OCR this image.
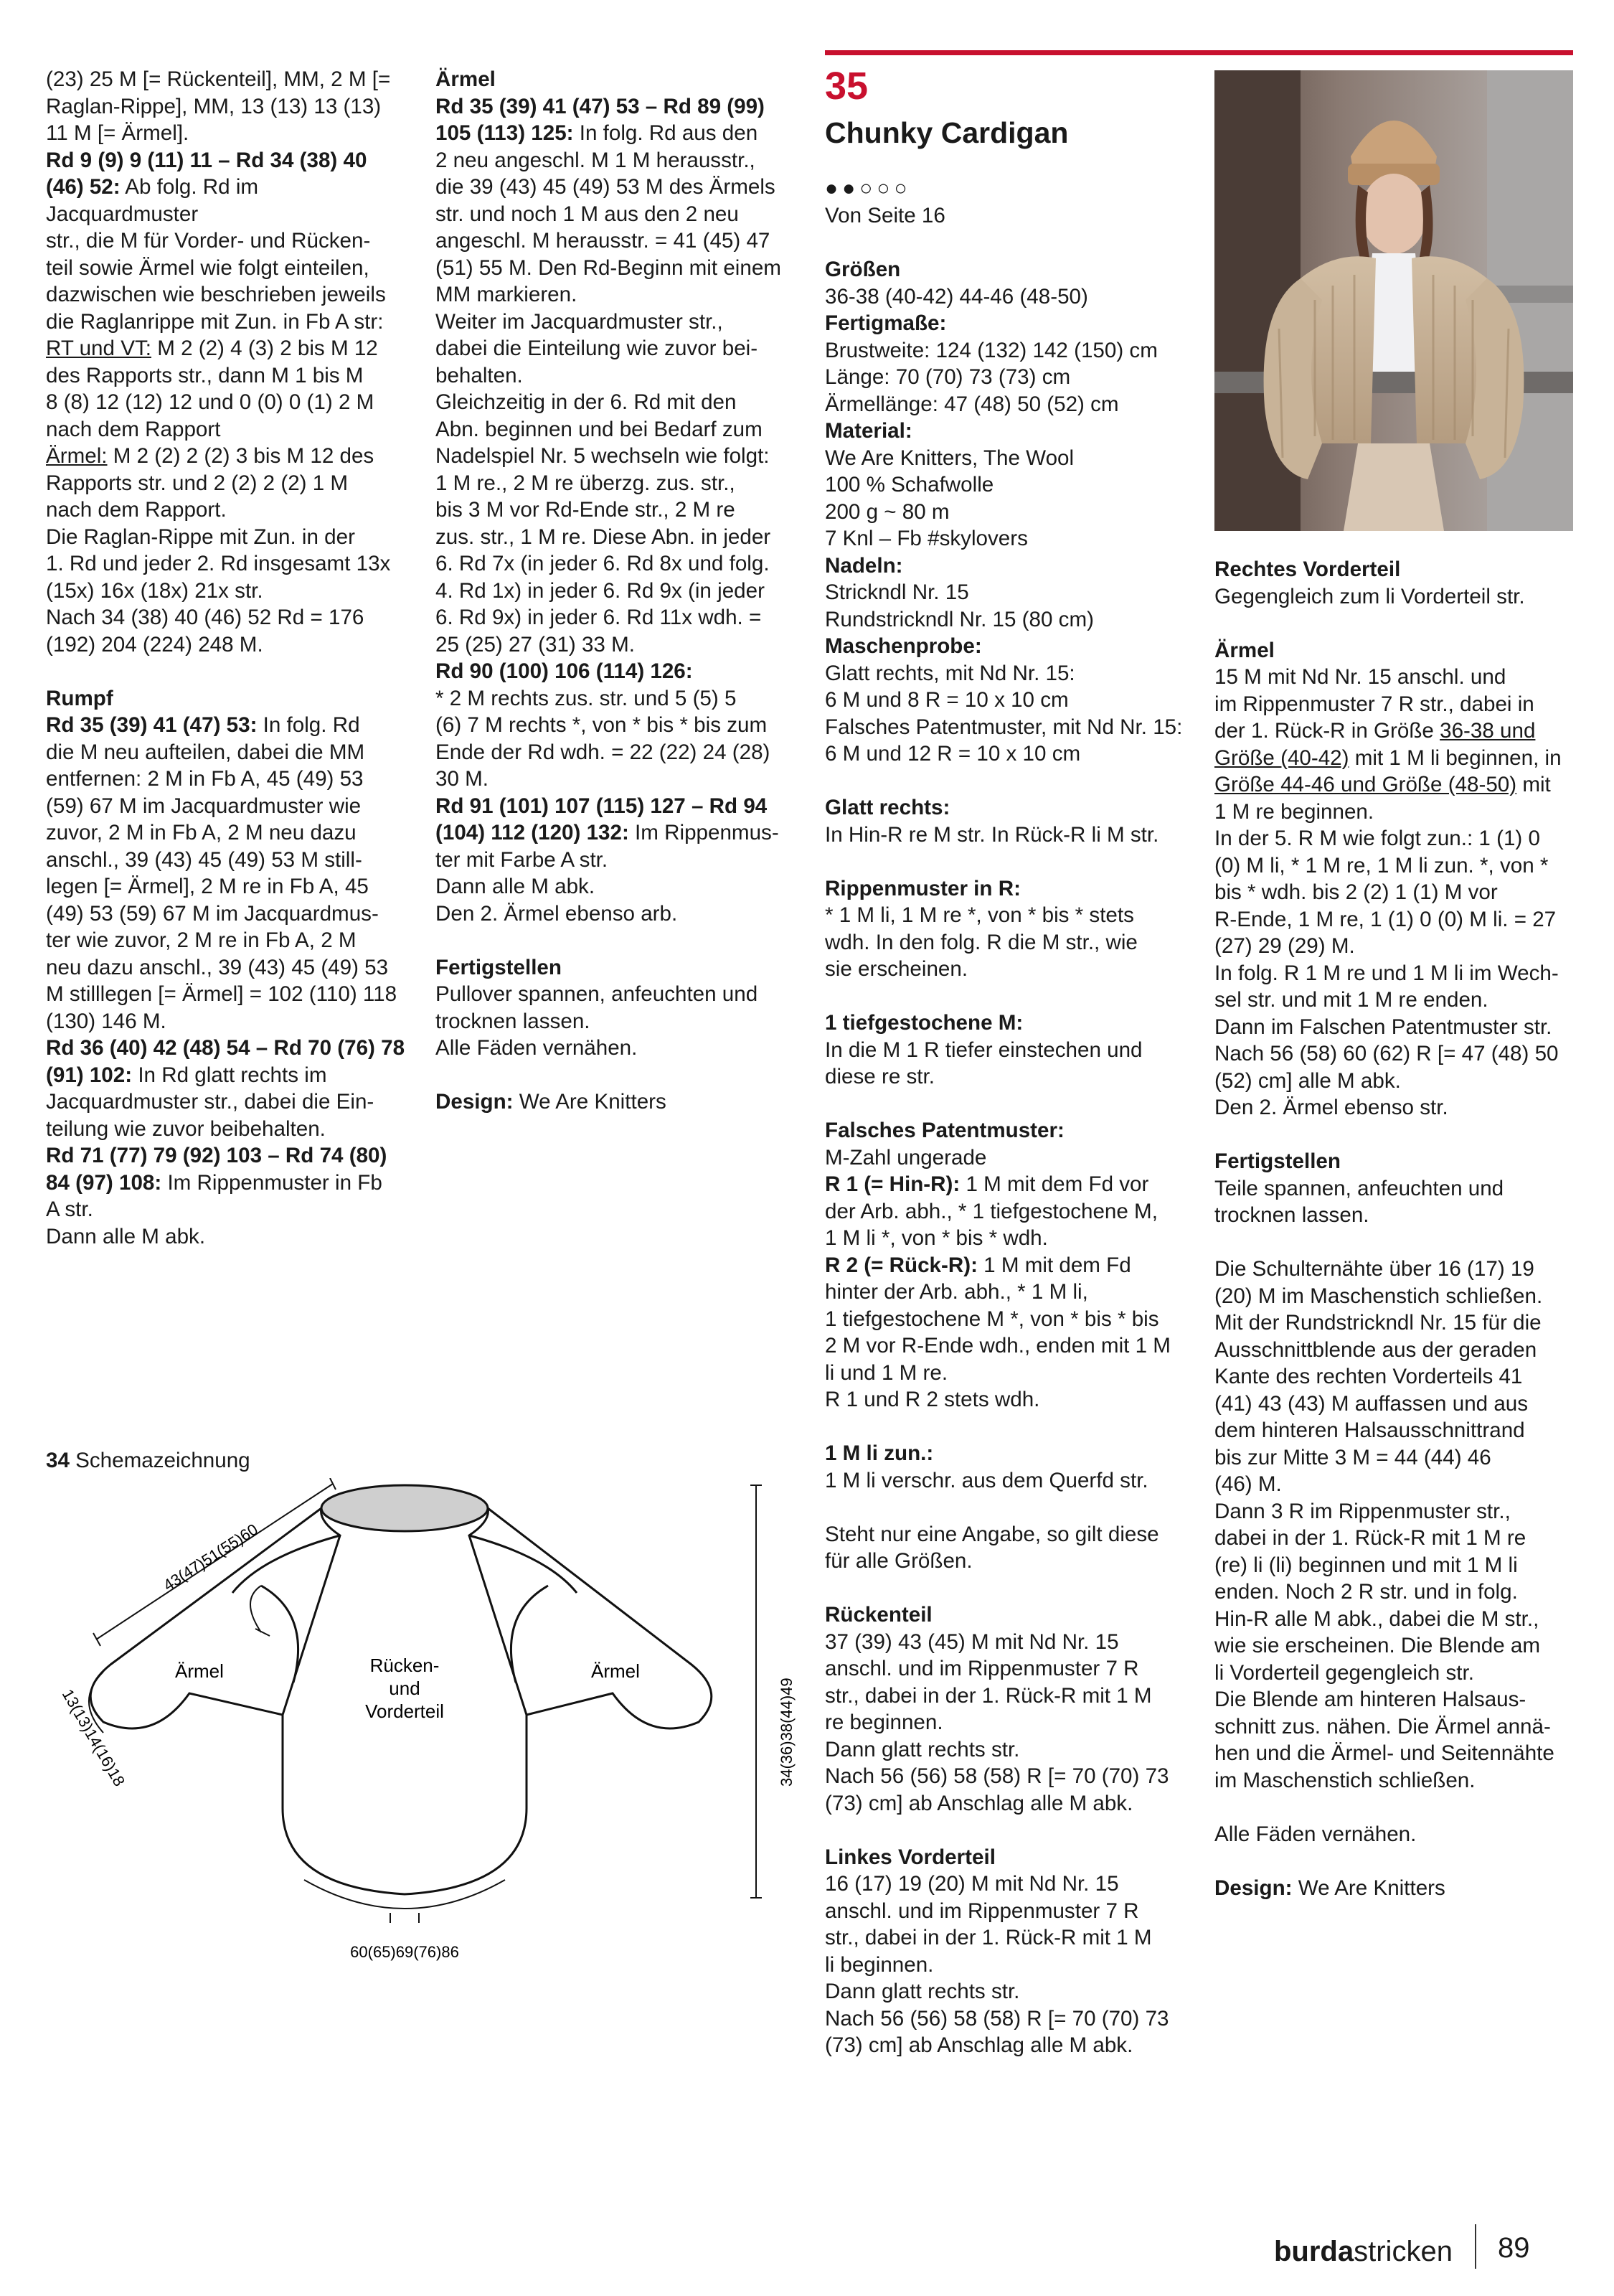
(23) 25 M [= Rückenteil], MM, 2 M [=
Raglan-Rippe], MM, 13 (13) 13 (13)
11 M [= Ärmel].

Rd 9 (9) 9 (11) 11 – Rd 34 (38) 40 (46) 52: Ab folg. Rd im Jacquardmuster
str., die M für Vorder- und Rücken-
teil sowie Ärmel wie folgt einteilen,
dazwischen wie beschrieben jeweils
die Raglanrippe mit Zun. in Fb A str:

RT und VT: M 2 (2) 4 (3) 2 bis M 12
des Rapports str., dann M 1 bis M
8 (8) 12 (12) 12 und 0 (0) 0 (1) 2 M
nach dem Rapport

Ärmel: M 2 (2) 2 (2) 3 bis M 12 des
Rapports str. und 2 (2) 2 (2) 1 M
nach dem Rapport.
Die Raglan-Rippe mit Zun. in der
1. Rd und jeder 2. Rd insgesamt 13x
(15x) 16x (18x) 21x str.
Nach 34 (38) 40 (46) 52 Rd = 176
(192) 204 (224) 248 M.

Rumpf

Rd 35 (39) 41 (47) 53: In folg. Rd
die M neu aufteilen, dabei die MM
entfernen: 2 M in Fb A, 45 (49) 53
(59) 67 M im Jacquardmuster wie
zuvor, 2 M in Fb A, 2 M neu dazu
anschl., 39 (43) 45 (49) 53 M still-
legen [= Ärmel], 2 M re in Fb A, 45
(49) 53 (59) 67 M im Jacquardmus-
ter wie zuvor, 2 M re in Fb A, 2 M
neu dazu anschl., 39 (43) 45 (49) 53
M stilllegen [= Ärmel] = 102 (110) 118
(130) 146 M.

Rd 36 (40) 42 (48) 54 – Rd 70 (76) 78 (91) 102: In Rd glatt rechts im
Jacquardmuster str., dabei die Ein-
teilung wie zuvor beibehalten.

Rd 71 (77) 79 (92) 103 – Rd 74 (80) 84 (97) 108: Im Rippenmuster in Fb
A str.
Dann alle M abk.

Ärmel

Rd 35 (39) 41 (47) 53 – Rd 89 (99) 105 (113) 125: In folg. Rd aus den
2 neu angeschl. M 1 M herausstr.,
die 39 (43) 45 (49) 53 M des Ärmels
str. und noch 1 M aus den 2 neu
angeschl. M herausstr. = 41 (45) 47
(51) 55 M. Den Rd-Beginn mit einem
MM markieren.
Weiter im Jacquardmuster str.,
dabei die Einteilung wie zuvor bei-
behalten.
Gleichzeitig in der 6. Rd mit den
Abn. beginnen und bei Bedarf zum
Nadelspiel Nr. 5 wechseln wie folgt:
1 M re., 2 M re überzg. zus. str.,
bis 3 M vor Rd-Ende str., 2 M re
zus. str., 1 M re. Diese Abn. in jeder
6. Rd 7x (in jeder 6. Rd 8x und folg.
4. Rd 1x) in jeder 6. Rd 9x (in jeder
6. Rd 9x) in jeder 6. Rd 11x wdh. =
25 (25) 27 (31) 33 M.

Rd 90 (100) 106 (114) 126:
* 2 M rechts zus. str. und 5 (5) 5
(6) 7 M rechts *, von * bis * bis zum
Ende der Rd wdh. = 22 (22) 24 (28)
30 M.

Rd 91 (101) 107 (115) 127 – Rd 94 (104) 112 (120) 132: Im Rippenmus-
ter mit Farbe A str.
Dann alle M abk.
Den 2. Ärmel ebenso arb.

Fertigstellen

Pullover spannen, anfeuchten und
trocknen lassen.
Alle Fäden vernähen.

Design: We Are Knitters

35
Chunky Cardigan
●●○○○

Von Seite 16

Größen

36-38 (40-42) 44-46 (48-50)

Fertigmaße:

Brustweite: 124 (132) 142 (150) cm
Länge: 70 (70) 73 (73) cm
Ärmellänge: 47 (48) 50 (52) cm

Material:

We Are Knitters, The Wool
100 % Schafwolle
200 g ~ 80 m
7 Knl – Fb #skylovers

Nadeln:

Strickndl Nr. 15
Rundstrickndl Nr. 15 (80 cm)

Maschenprobe:

Glatt rechts, mit Nd Nr. 15:
6 M und 8 R = 10 x 10 cm
Falsches Patentmuster, mit Nd Nr. 15:
6 M und 12 R = 10 x 10 cm

Glatt rechts:

In Hin-R re M str. In Rück-R li M str.

Rippenmuster in R:

* 1 M li, 1 M re *, von * bis * stets
wdh. In den folg. R die M str., wie
sie erscheinen.

1 tiefgestochene M:

In die M 1 R tiefer einstechen und
diese re str.

Falsches Patentmuster:

M-Zahl ungerade

R 1 (= Hin-R): 1 M mit dem Fd vor
der Arb. abh., * 1 tiefgestochene M,
1 M li *, von * bis * wdh.

R 2 (= Rück-R): 1 M mit dem Fd
hinter der Arb. abh., * 1 M li,
1 tiefgestochene M *, von * bis * bis
2 M vor R-Ende wdh., enden mit 1 M
li und 1 M re.
R 1 und R 2 stets wdh.

1 M li zun.:

1 M li verschr. aus dem Querfd str.

Steht nur eine Angabe, so gilt diese
für alle Größen.

Rückenteil

37 (39) 43 (45) M mit Nd Nr. 15
anschl. und im Rippenmuster 7 R
str., dabei in der 1. Rück-R mit 1 M
re beginnen.
Dann glatt rechts str.
Nach 56 (56) 58 (58) R [= 70 (70) 73
(73) cm] ab Anschlag alle M abk.

Linkes Vorderteil

16 (17) 19 (20) M mit Nd Nr. 15
anschl. und im Rippenmuster 7 R
str., dabei in der 1. Rück-R mit 1 M
li beginnen.
Dann glatt rechts str.
Nach 56 (56) 58 (58) R [= 70 (70) 73
(73) cm] ab Anschlag alle M abk.

Rechtes Vorderteil

Gegengleich zum li Vorderteil str.

Ärmel

15 M mit Nd Nr. 15 anschl. und
im Rippenmuster 7 R str., dabei in
der 1. Rück-R in Größe 36-38 und
Größe (40-42) mit 1 M li beginnen, in
Größe 44-46 und Größe (48-50) mit
1 M re beginnen.
In der 5. R M wie folgt zun.: 1 (1) 0
(0) M li, * 1 M re, 1 M li zun. *, von *
bis * wdh. bis 2 (2) 1 (1) M vor
R-Ende, 1 M re, 1 (1) 0 (0) M li. = 27
(27) 29 (29) M.
In folg. R 1 M re und 1 M li im Wech-
sel str. und mit 1 M re enden.
Dann im Falschen Patentmuster str.
Nach 56 (58) 60 (62) R [= 47 (48) 50
(52) cm] alle M abk.
Den 2. Ärmel ebenso str.

Fertigstellen

Teile spannen, anfeuchten und
trocknen lassen.

Die Schulternähte über 16 (17) 19
(20) M im Maschenstich schließen.
Mit der Rundstrickndl Nr. 15 für die
Ausschnittblende aus der geraden
Kante des rechten Vorderteils 41
(41) 43 (43) M auffassen und aus
dem hinteren Halsausschnittrand
bis zur Mitte 3 M = 44 (44) 46
(46) M.
Dann 3 R im Rippenmuster str.,
dabei in der 1. Rück-R mit 1 M re
(re) li (li) beginnen und mit 1 M li
enden. Noch 2 R str. und in folg.
Hin-R alle M abk., dabei die M str.,
wie sie erscheinen. Die Blende am
li Vorderteil gegengleich str.
Die Blende am hinteren Halsaus-
schnitt zus. nähen. Die Ärmel annä-
hen und die Ärmel- und Seitennähte
im Maschenstich schließen.

Alle Fäden vernähen.

Design: We Are Knitters

34 Schemazeichnung
Ärmel	Ärmel
Rücken-
und
Vorderteil
43(47)51(55)60
13(13)14(16)18	34(36)38(44)49
60(65)69(76)86
burdastricken 89
